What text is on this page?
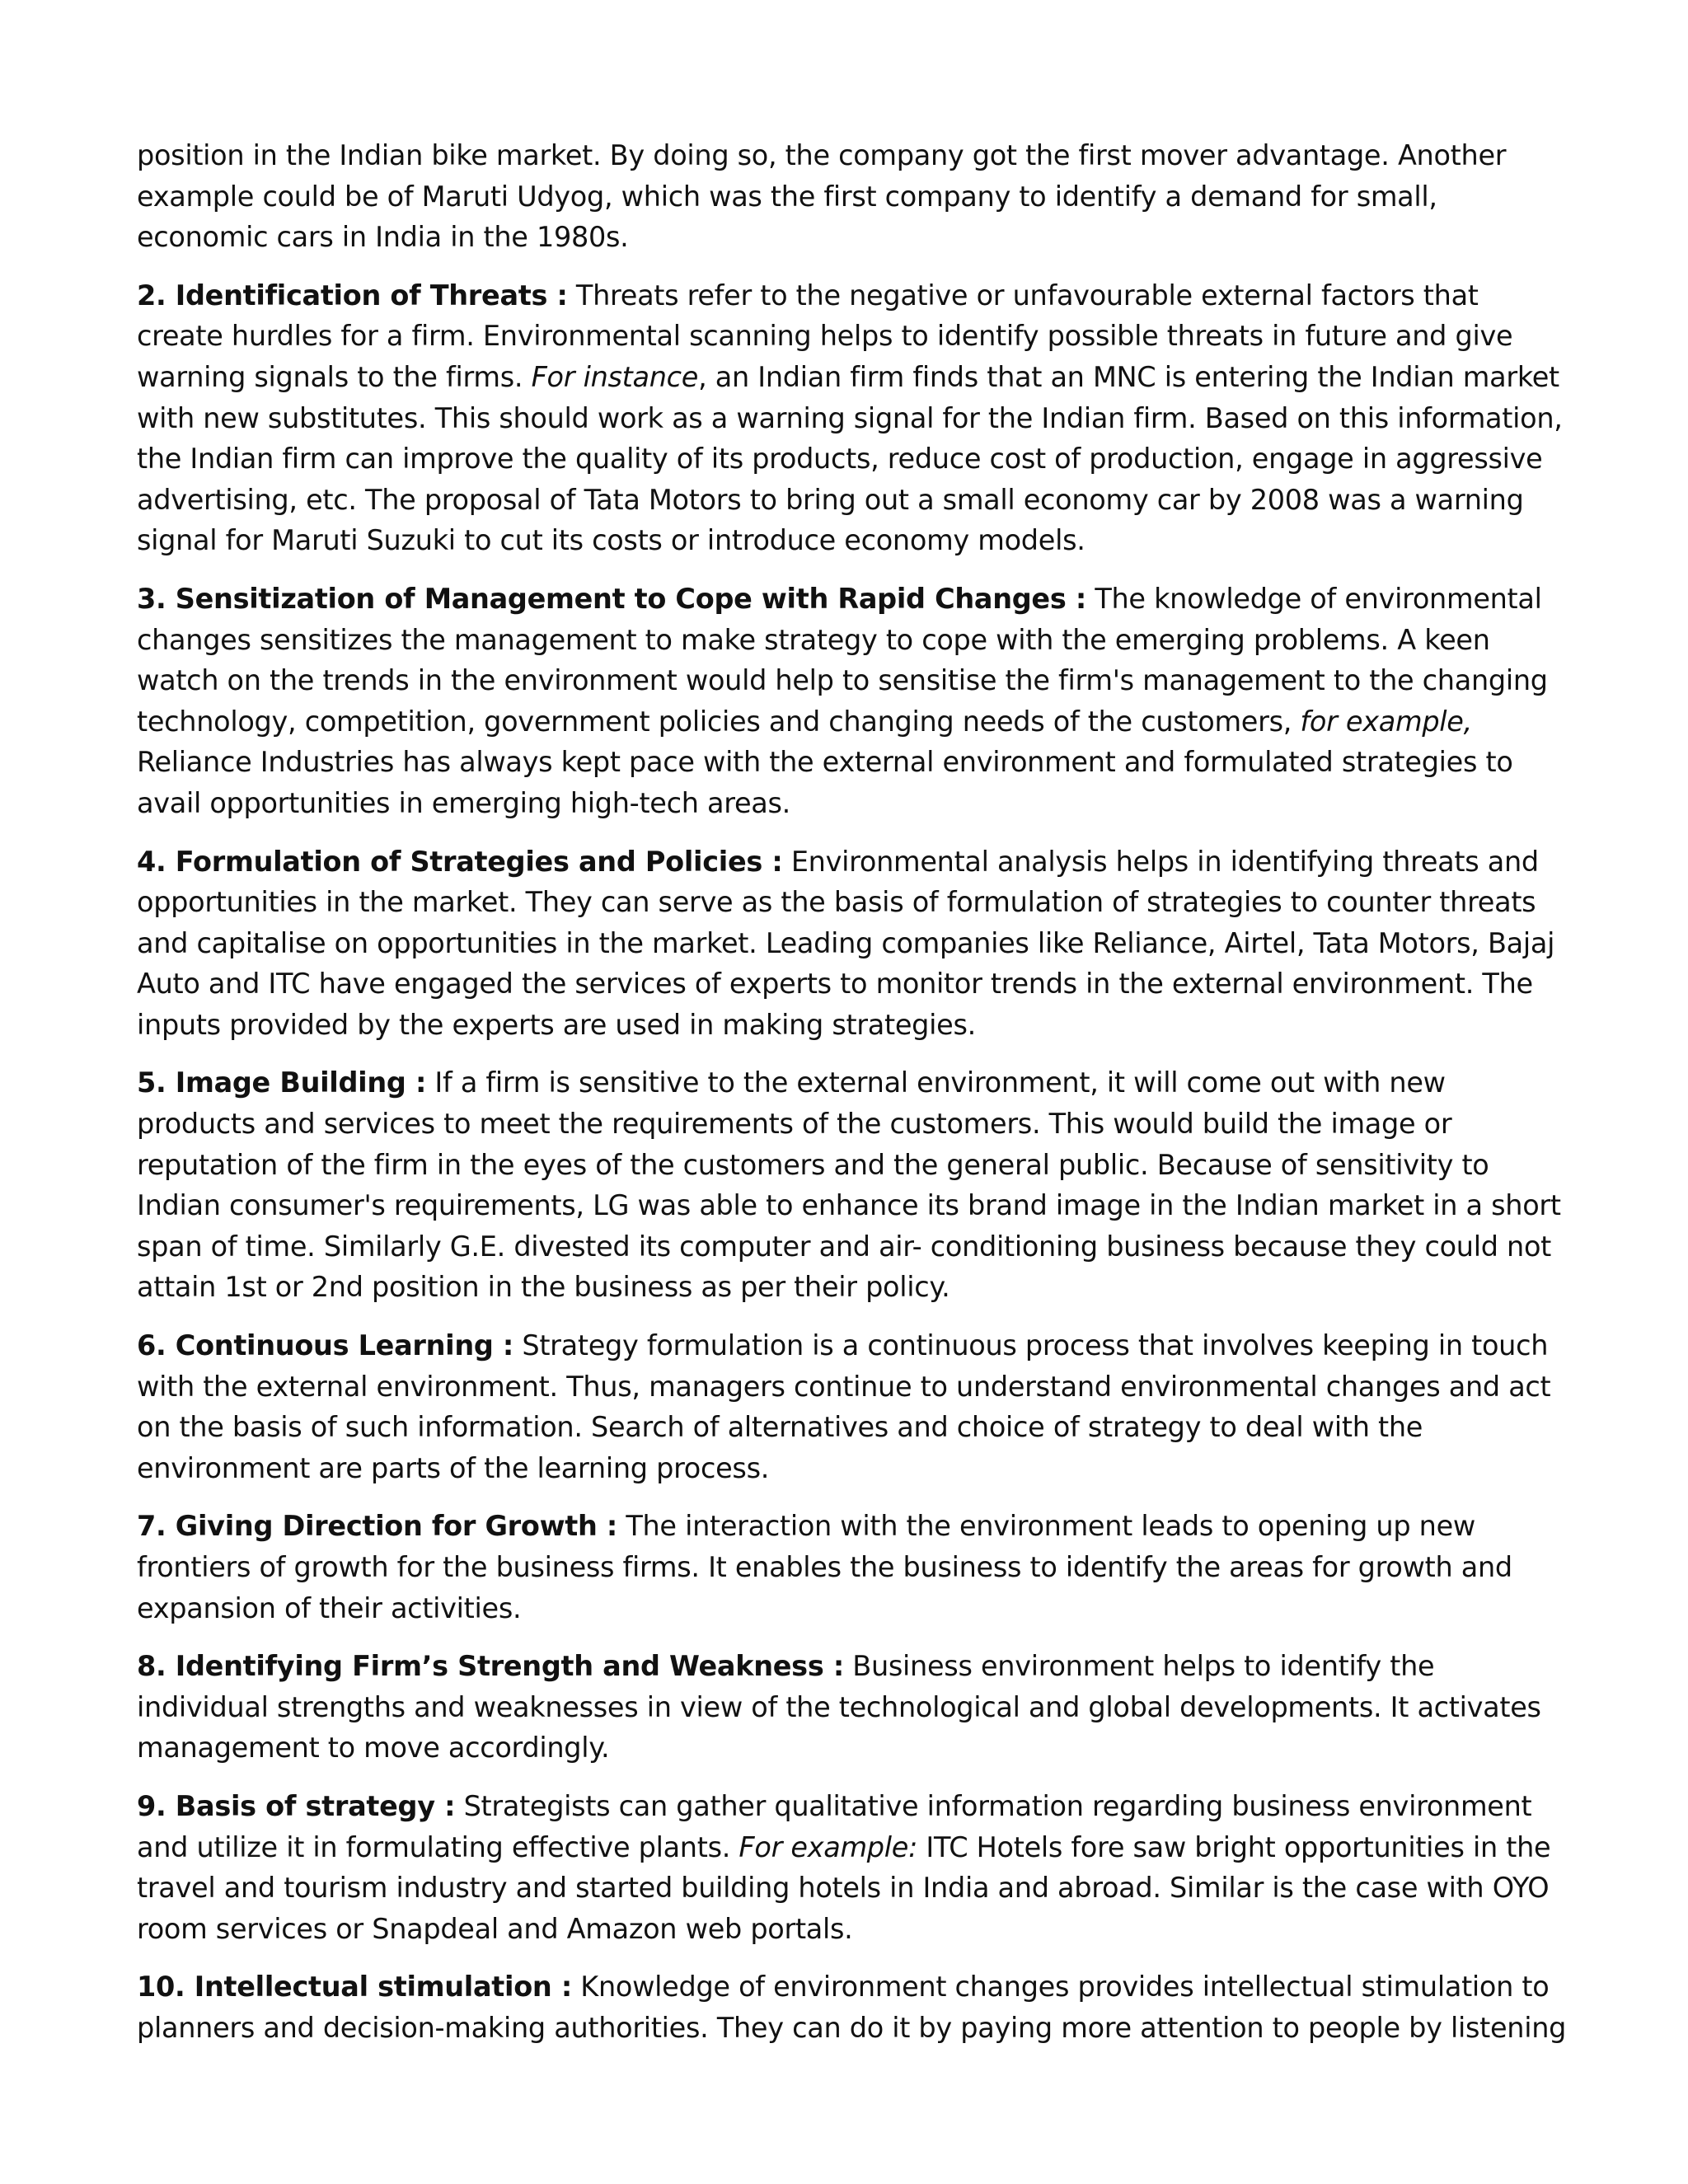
position in the Indian bike market. By doing so, the company got the first mover advantage. Another example could be of Maruti Udyog, which was the first company to identify a demand for small, economic cars in India in the 1980s.

2. Identification of Threats : Threats refer to the negative or unfavourable external factors that create hurdles for a firm. Environmental scanning helps to identify possible threats in future and give warning signals to the firms. For instance, an Indian firm finds that an MNC is entering the Indian market with new substitutes. This should work as a warning signal for the Indian firm. Based on this information, the Indian firm can improve the quality of its products, reduce cost of production, engage in aggressive advertising, etc. The proposal of Tata Motors to bring out a small economy car by 2008 was a warning signal for Maruti Suzuki to cut its costs or introduce economy models.

3. Sensitization of Management to Cope with Rapid Changes : The knowledge of environmental changes sensitizes the management to make strategy to cope with the emerging problems. A keen watch on the trends in the environment would help to sensitise the firm's management to the changing technology, competition, government policies and changing needs of the customers, for example, Reliance Industries has always kept pace with the external environment and formulated strategies to avail opportunities in emerging high-tech areas.

4. Formulation of Strategies and Policies : Environmental analysis helps in identifying threats and opportunities in the market. They can serve as the basis of formulation of strategies to counter threats and capitalise on opportunities in the market. Leading companies like Reliance, Airtel, Tata Motors, Bajaj Auto and ITC have engaged the services of experts to monitor trends in the external environment. The inputs provided by the experts are used in making strategies.

5. Image Building : If a firm is sensitive to the external environment, it will come out with new products and services to meet the requirements of the customers. This would build the image or reputation of the firm in the eyes of the customers and the general public. Because of sensitivity to Indian consumer's requirements, LG was able to enhance its brand image in the Indian market in a short span of time. Similarly G.E. divested its computer and air- conditioning business because they could not attain 1st or 2nd position in the business as per their policy.

6. Continuous Learning : Strategy formulation is a continuous process that involves keeping in touch with the external environment. Thus, managers continue to understand environmental changes and act on the basis of such information. Search of alternatives and choice of strategy to deal with the environment are parts of the learning process.

7. Giving Direction for Growth : The interaction with the environment leads to opening up new frontiers of growth for the business firms. It enables the business to identify the areas for growth and expansion of their activities.

8. Identifying Firm’s Strength and Weakness : Business environment helps to identify the individual strengths and weaknesses in view of the technological and global developments. It activates management to move accordingly.

9. Basis of strategy : Strategists can gather qualitative information regarding business environment and utilize it in formulating effective plants. For example: ITC Hotels fore saw bright opportunities in the travel and tourism industry and started building hotels in India and abroad. Similar is the case with OYO room services or Snapdeal and Amazon web portals.

10. Intellectual stimulation : Knowledge of environment changes provides intellectual stimulation to planners and decision-making authorities. They can do it by paying more attention to people by listening
